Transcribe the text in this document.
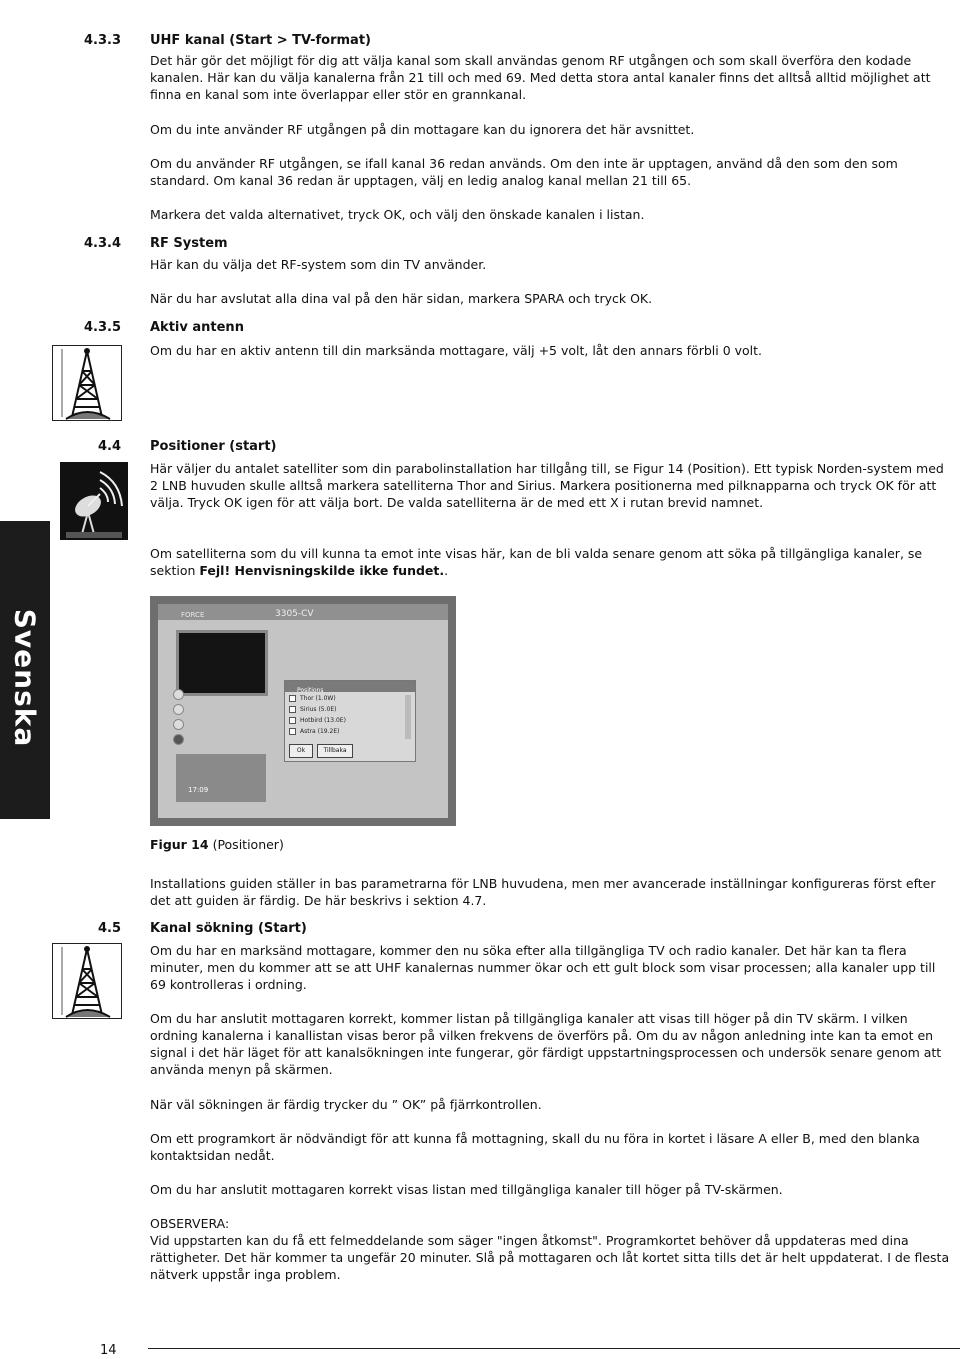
4.3.3 UHF kanal (Start > TV-format)

Det här gör det möjligt för dig att välja kanal som skall användas genom RF utgången och som skall överföra den kodade kanalen. Här kan du välja kanalerna från 21 till och med 69. Med detta stora antal kanaler finns det alltså alltid möjlighet att finna en kanal som inte överlappar eller stör en grannkanal.

Om du inte använder RF utgången på din mottagare kan du ignorera det här avsnittet.

Om du använder RF utgången, se ifall kanal 36 redan används. Om den inte är upptagen, använd då den som den som standard. Om kanal 36 redan är upptagen, välj en ledig analog kanal mellan 21 till 65.

Markera det valda alternativet, tryck OK, och välj den önskade kanalen i listan.

4.3.4 RF System

Här kan du välja det RF-system som din TV använder.

När du har avslutat alla dina val på den här sidan, markera SPARA och tryck OK.

4.3.5 Aktiv antenn

Om du har en aktiv antenn till din marksända mottagare, välj +5 volt, låt den annars förbli 0 volt.

4.4 Positioner (start)

Här väljer du antalet satelliter som din parabolinstallation har tillgång till, se Figur 14 (Position). Ett typisk Norden-system med 2 LNB huvuden skulle alltså markera satelliterna Thor and Sirius. Markera positionerna med pilknapparna och tryck OK för att välja. Tryck OK igen för att välja bort. De valda satelliterna är de med ett X i rutan brevid namnet.

Om satelliterna som du vill kunna ta emot inte visas här, kan de bli valda senare genom att söka på tillgängliga kanaler, se sektion Fejl! Henvisningskilde ikke fundet..

FORCE	3305-CV
Positions
Thor (1.0W)
Sirius (5.0E)
Hotbird (13.0E)
Astra (19.2E)
Ok	Tillbaka
17:09
Figur 14 (Positioner)

Installations guiden ställer in bas parametrarna för LNB huvudena, men mer avancerade inställningar konfigureras först efter det att guiden är färdig. De här beskrivs i sektion 4.7.

4.5 Kanal sökning (Start)

Om du har en marksänd mottagare, kommer den nu söka efter alla tillgängliga TV och radio kanaler. Det här kan ta flera minuter, men du kommer att se att UHF kanalernas nummer ökar och ett gult block som visar processen; alla kanaler upp till 69 kontrolleras i ordning.

Om du har anslutit mottagaren korrekt, kommer listan på tillgängliga kanaler att visas till höger på din TV skärm. I vilken ordning kanalerna i kanallistan visas beror på vilken frekvens de överförs på. Om du av någon anledning inte kan ta emot en signal i det här läget för att kanalsökningen inte fungerar, gör färdigt uppstartningsprocessen och undersök senare genom att använda menyn på skärmen.

När väl sökningen är färdig trycker du ” OK” på fjärrkontrollen.

Om ett programkort är nödvändigt för att kunna få mottagning, skall du nu föra in kortet i läsare A eller B, med den blanka kontaktsidan nedåt.

Om du har anslutit mottagaren korrekt visas listan med tillgängliga kanaler till höger på TV-skärmen.

OBSERVERA:

Vid uppstarten kan du få ett felmeddelande som säger "ingen åtkomst". Programkortet behöver då uppdateras med dina rättigheter. Det här kommer ta ungefär 20 minuter. Slå på mottagaren och låt kortet sitta tills det är helt uppdaterat. I de flesta nätverk uppstår inga problem.

Svenska
14
